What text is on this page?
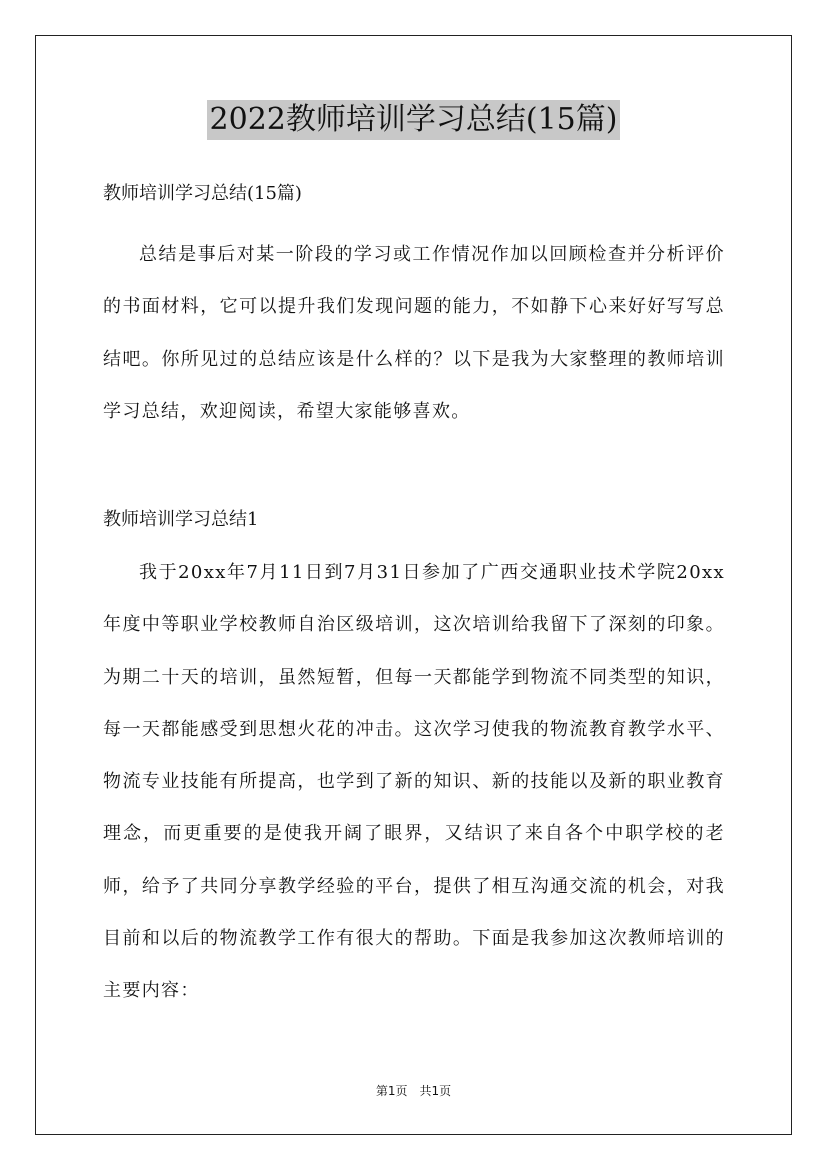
2022教师培训学习总结(15篇)

教师培训学习总结(15篇)

总结是事后对某一阶段的学习或工作情况作加以回顾检查并分析评价的书面材料，它可以提升我们发现问题的能力，不如静下心来好好写写总结吧。你所见过的总结应该是什么样的？以下是我为大家整理的教师培训学习总结，欢迎阅读，希望大家能够喜欢。

教师培训学习总结1

我于20xx年7月11日到7月31日参加了广西交通职业技术学院20xx年度中等职业学校教师自治区级培训，这次培训给我留下了深刻的印象。为期二十天的培训，虽然短暂，但每一天都能学到物流不同类型的知识，每一天都能感受到思想火花的冲击。这次学习使我的物流教育教学水平、物流专业技能有所提高，也学到了新的知识、新的技能以及新的职业教育理念，而更重要的是使我开阔了眼界，又结识了来自各个中职学校的老师，给予了共同分享教学经验的平台，提供了相互沟通交流的机会，对我目前和以后的物流教学工作有很大的帮助。下面是我参加这次教师培训的主要内容：

第1页　共1页
